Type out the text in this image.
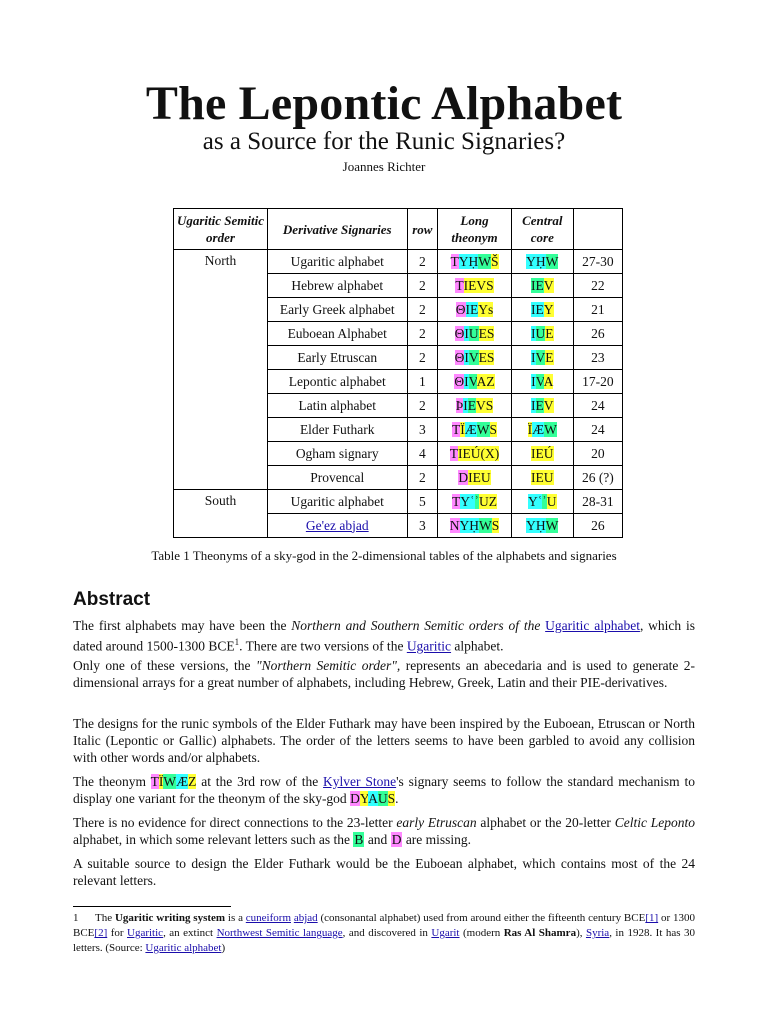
The Lepontic Alphabet
as a Source for the Runic Signaries?
Joannes Richter
Ugaritic Semitic order	Derivative Signaries	row	Long theonym	Central core	
North	Ugaritic alphabet	2	TYḤWŠ	YḤW	27-30
	Hebrew alphabet	2	TIEVS	IEV	22
	Early Greek alphabet	2	ΘIEYs	IEY	21
	Euboean Alphabet	2	ΘIUES	IUE	26
	Early Etruscan	2	ΘIVES	IVE	23
	Lepontic alphabet	1	ΘIVAZ	IVA	17-20
	Latin alphabet	2	ÞIEVS	IEV	24
	Elder Futhark	3	TÏÆWS	ÏÆW	24
	Ogham signary	4	TIEÚ(X)	IEÚ	20
	Provencal	2	DIEU	IEU	26 (?)
South	Ugaritic alphabet	5	TYʿʾUZ	YʿʾU	28-31
	Ge'ez abjad	3	NYḤWS	YḤW	26
Table 1 Theonyms of a sky-god in the 2-dimensional tables of the alphabets and signaries
Abstract

The first alphabets may have been the Northern and Southern Semitic orders of the Ugaritic alphabet, which is dated around 1500-1300 BCE$^1$. There are two versions of the Ugaritic alphabet.

Only one of these versions, the "Northern Semitic order", represents an abecedaria and is used to generate 2-dimensional arrays for a great number of alphabets, including Hebrew, Greek, Latin and their PIE-derivatives.

The designs for the runic symbols of the Elder Futhark may have been inspired by the Euboean, Etruscan or North Italic (Lepontic or Gallic) alphabets. The order of the letters seems to have been garbled to avoid any collision with other words and/or alphabets.

The theonym TÏWÆZ at the 3rd row of the Kylver Stone's signary seems to follow the standard mechanism to display one variant for the theonym of the sky-god DYAUS.

There is no evidence for direct connections to the 23-letter early Etruscan alphabet or the 20-letter Celtic Leponto alphabet, in which some relevant letters such as the B and D are missing.

A suitable source to design the Elder Futhark would be the Euboean alphabet, which contains most of the 24 relevant letters.

1 The Ugaritic writing system is a cuneiform abjad (consonantal alphabet) used from around either the fifteenth century BCE[1] or 1300 BCE[2] for Ugaritic, an extinct Northwest Semitic language, and discovered in Ugarit (modern Ras Al Shamra), Syria, in 1928. It has 30 letters. (Source: Ugaritic alphabet)
